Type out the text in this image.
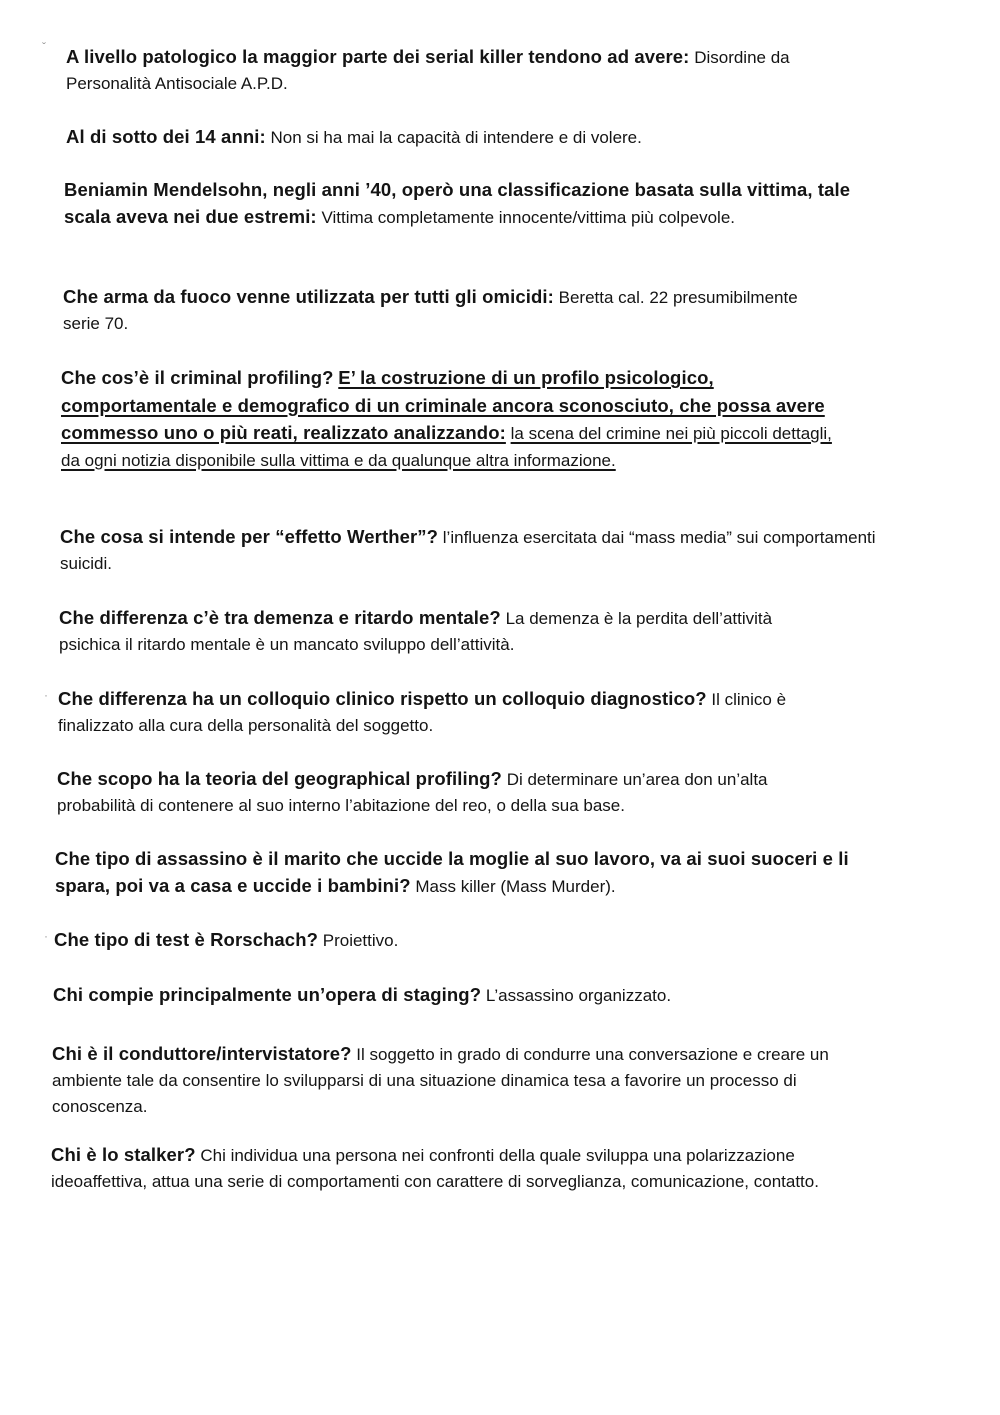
A livello patologico la maggior parte dei serial killer tendono ad avere: Disordine da Personalità Antisociale A.P.D.

Al di sotto dei 14 anni: Non si ha mai la capacità di intendere e di volere.

Beniamin Mendelsohn, negli anni ’40, operò una classificazione basata sulla vittima, tale scala aveva nei due estremi: Vittima completamente innocente/vittima più colpevole.

Che arma da fuoco venne utilizzata per tutti gli omicidi: Beretta cal. 22 presumibilmente serie 70.

Che cos’è il criminal profiling? E’ la costruzione di un profilo psicologico, comportamentale e demografico di un criminale ancora sconosciuto, che possa avere commesso uno o più reati, realizzato analizzando: la scena del crimine nei più piccoli dettagli, da ogni notizia disponibile sulla vittima e da qualunque altra informazione.

Che cosa si intende per “effetto Werther”? l’influenza esercitata dai “mass media” sui comportamenti suicidi.

Che differenza c’è tra demenza e ritardo mentale? La demenza è la perdita dell’attività psichica il ritardo mentale è un mancato sviluppo dell’attività.

Che differenza ha un colloquio clinico rispetto un colloquio diagnostico? Il clinico è finalizzato alla cura della personalità del soggetto.

Che scopo ha la teoria del geographical profiling? Di determinare un’area don un’alta probabilità di contenere al suo interno l’abitazione del reo, o della sua base.

Che tipo di assassino è il marito che uccide la moglie al suo lavoro, va ai suoi suoceri e li spara, poi va a casa e uccide i bambini? Mass killer (Mass Murder).

Che tipo di test è Rorschach? Proiettivo.

Chi compie principalmente un’opera di staging? L’assassino organizzato.

Chi è il conduttore/intervistatore? Il soggetto in grado di condurre una conversazione e creare un ambiente tale da consentire lo svilupparsi di una situazione dinamica tesa a favorire un processo di conoscenza.

Chi è lo stalker? Chi individua una persona nei confronti della quale sviluppa una polarizzazione ideoaffettiva, attua una serie di comportamenti con carattere di sorveglianza, comunicazione, contatto.

ˇ
·
·
